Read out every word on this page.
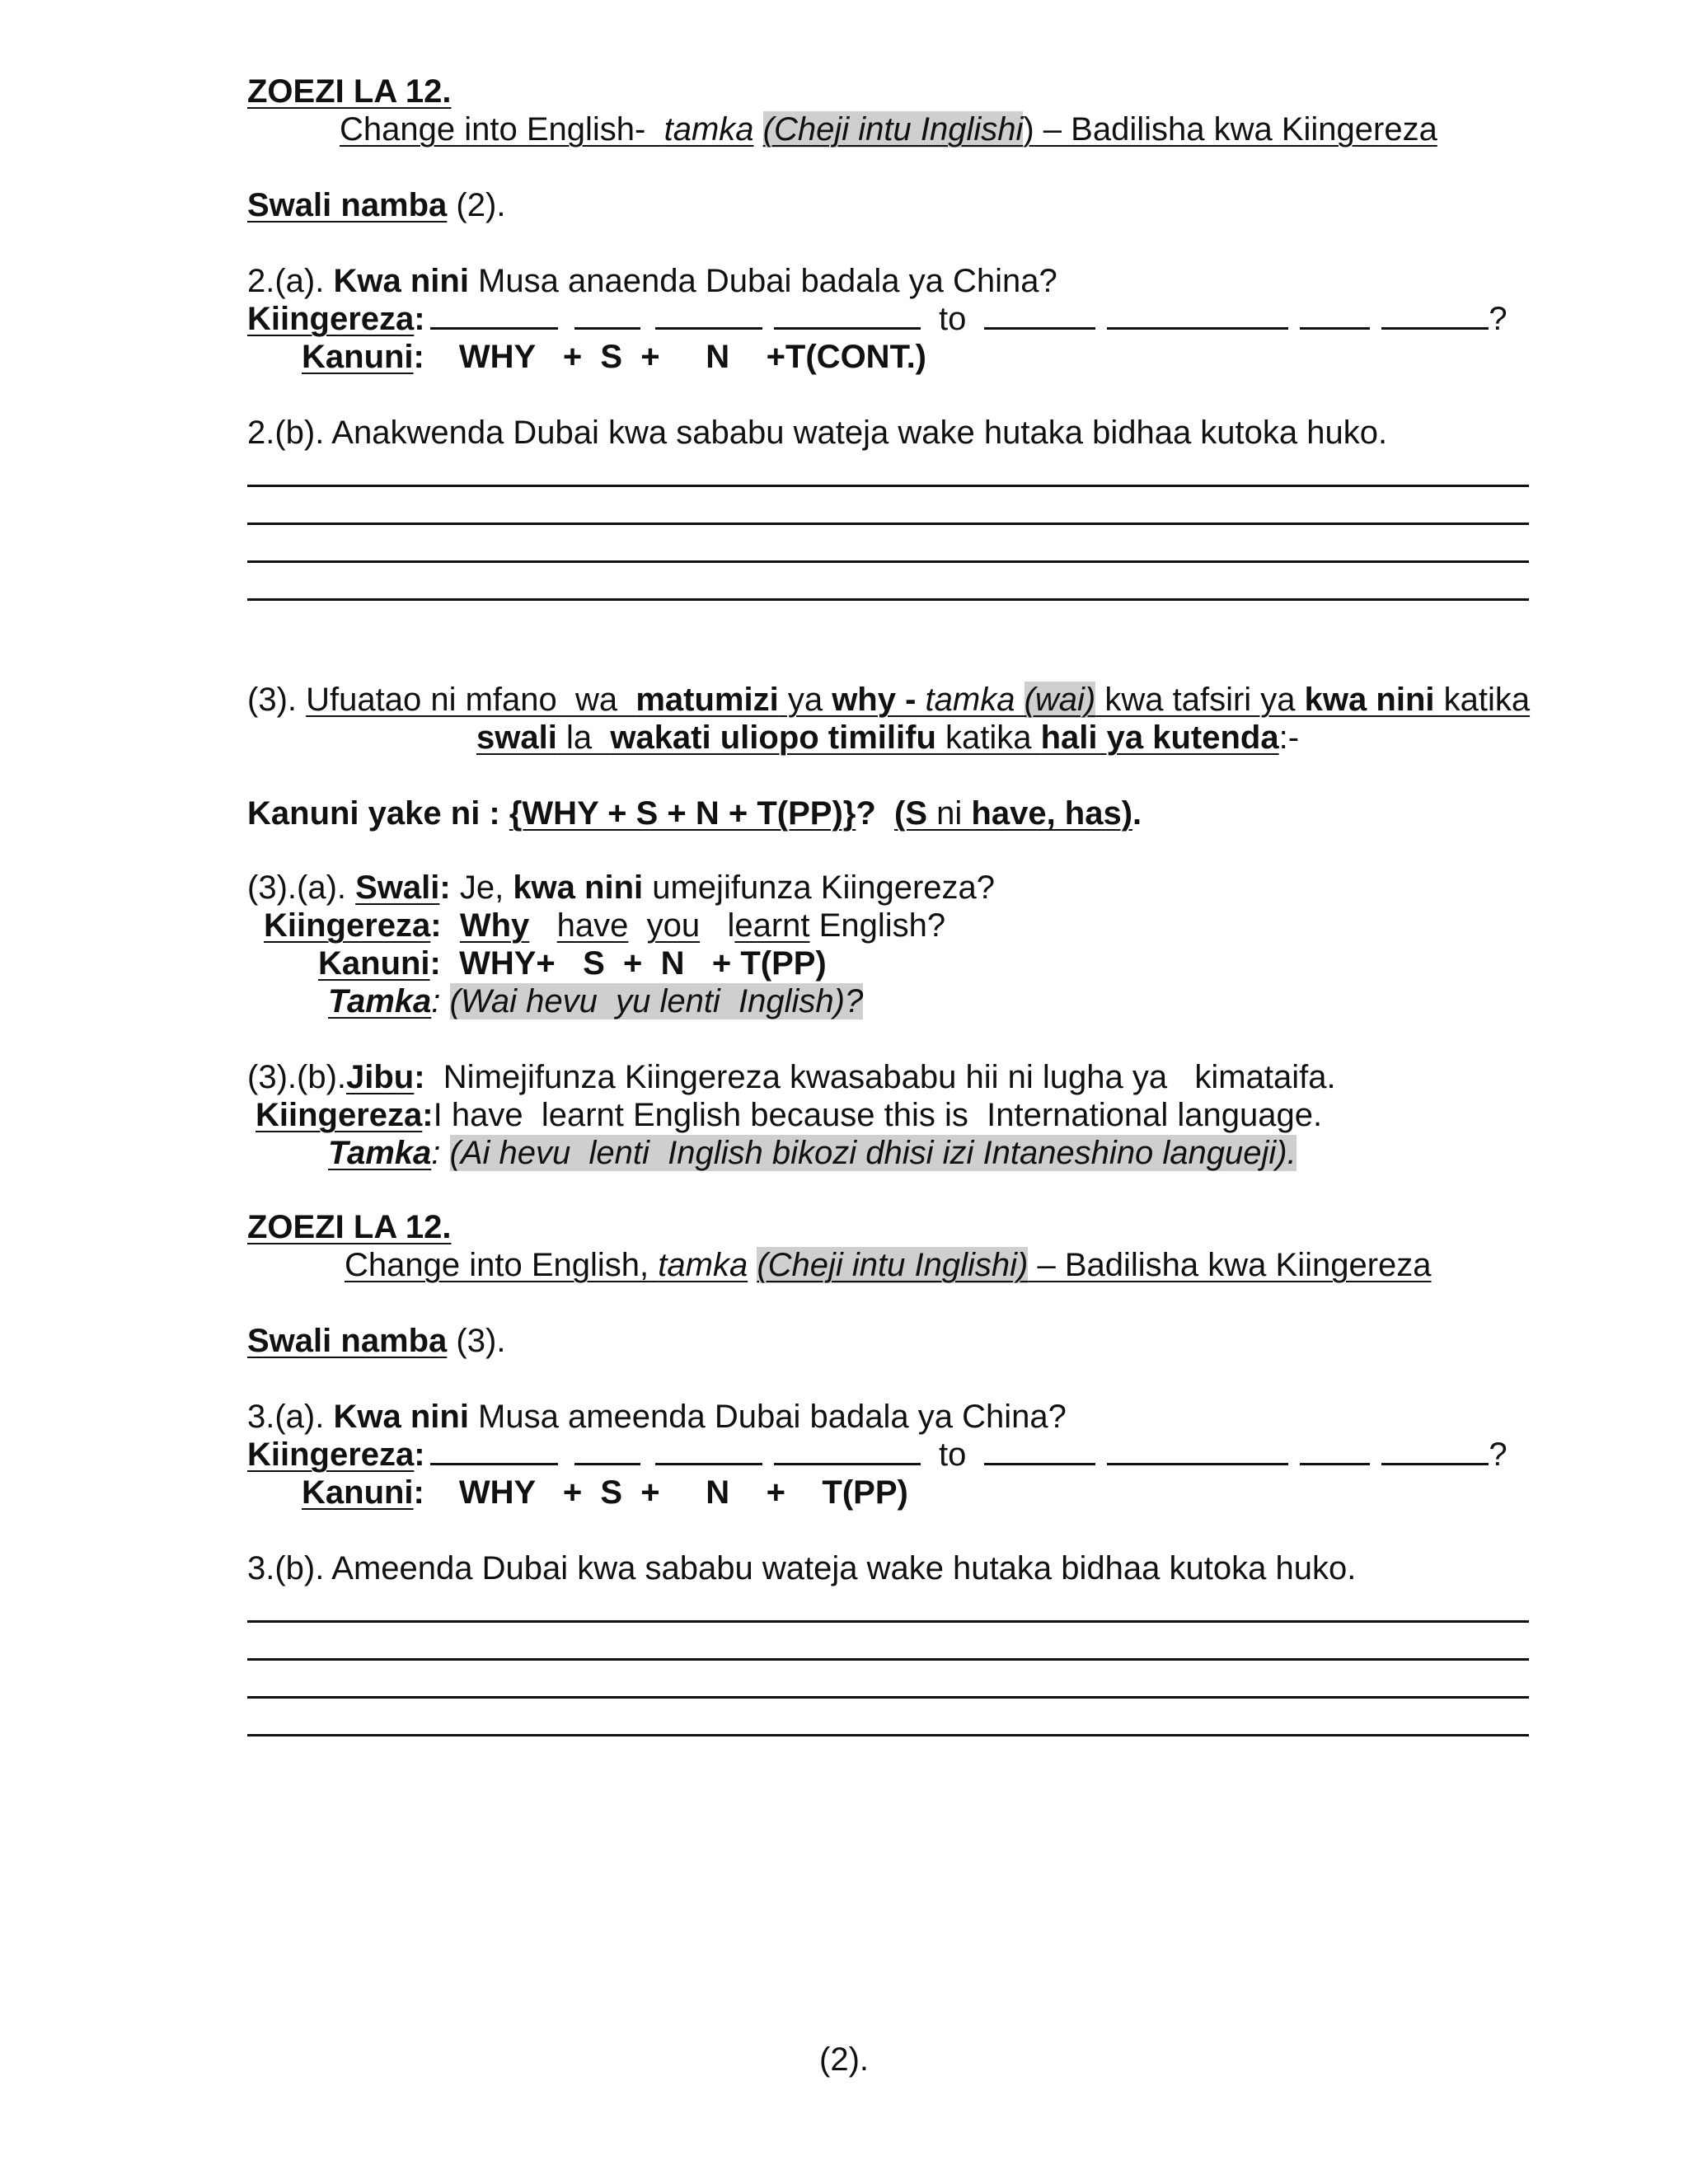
ZOEZI LA 12.
Change into English-  tamka (Cheji intu Inglishi) – Badilisha kwa Kiingereza
Swali namba (2).
2.(a). Kwa nini Musa anaenda Dubai badala ya China?
Kiingereza:	to	?
Kanuni: WHY   +  S  +     N    +T(CONT.)
2.(b). Anakwenda Dubai kwa sababu wateja wake hutaka bidhaa kutoka huko.
(3). Ufuatao ni mfano  wa  matumizi ya why - tamka (wai) kwa tafsiri ya kwa nini katika
swali la  wakati uliopo timilifu katika hali ya kutenda:-
Kanuni yake ni : {WHY + S + N + T(PP)}?  (S ni have, has).
(3).(a). Swali: Je, kwa nini umejifunza Kiingereza?
Kiingereza: Why have you learnt English?
Kanuni: WHY+   S  +  N   + T(PP)
Tamka: (Wai hevu  yu lenti  Inglish)?
(3).(b).Jibu:  Nimejifunza Kiingereza kwasababu hii ni lugha ya   kimataifa.
Kiingereza:I have  learnt English because this is  International language.
Tamka: (Ai hevu  lenti  Inglish bikozi dhisi izi Intaneshino langueji).
ZOEZI LA 12.
Change into English, tamka (Cheji intu Inglishi) – Badilisha kwa Kiingereza
Swali namba (3).
3.(a). Kwa nini Musa ameenda Dubai badala ya China?
Kiingereza:	to	?
Kanuni: WHY   +  S  +     N    +    T(PP)
3.(b). Ameenda Dubai kwa sababu wateja wake hutaka bidhaa kutoka huko.
(2).
